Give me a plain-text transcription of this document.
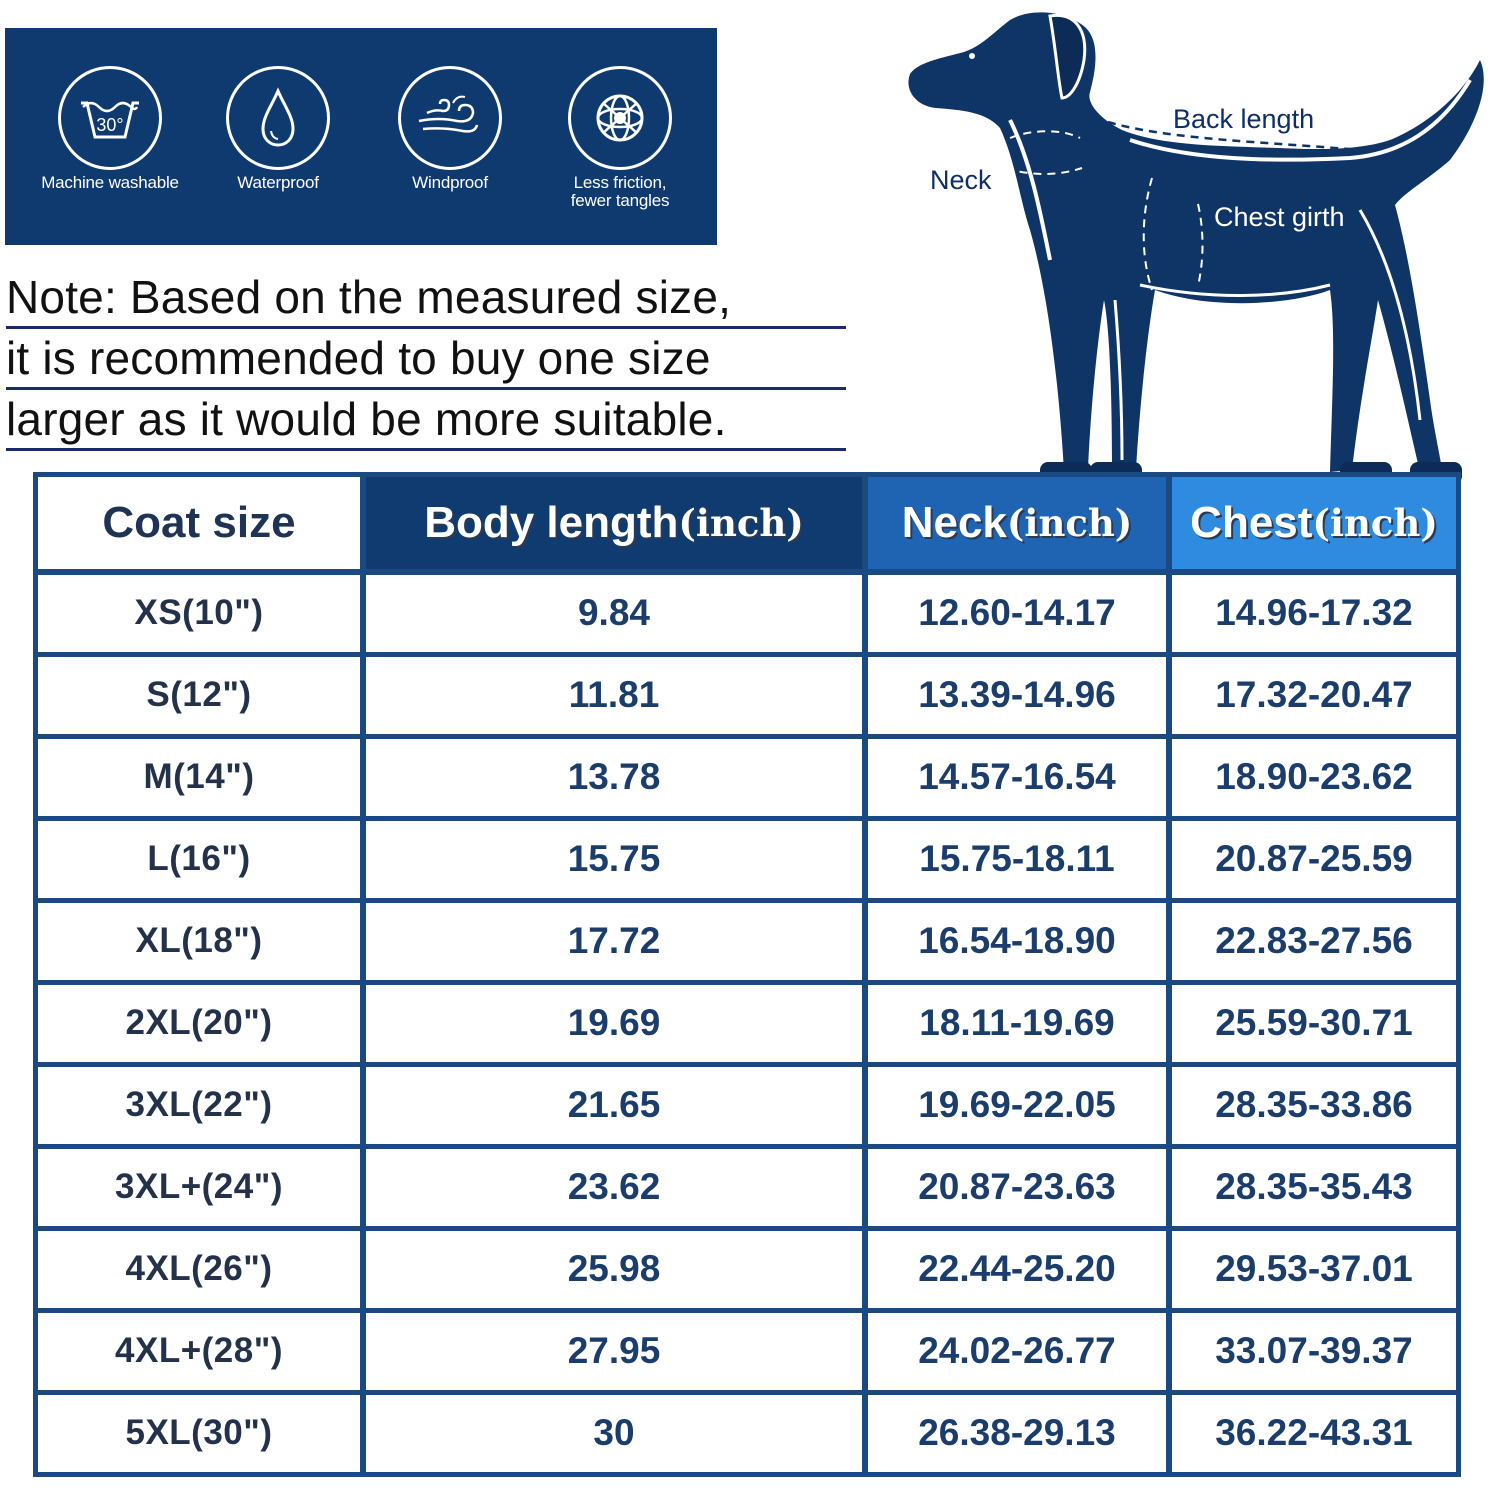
30°
Machine washable	Waterproof	Windproof	Less friction,
fewer tangles
Note: Based on the measured size,
it is recommended to buy one size
larger as it would be more suitable.
Neck
Back length
Chest girth
Coat size	Body length (inch) Neck (inch) Chest (inch)
XS(10")	9.84	12.60-14.17	14.96-17.32
S(12")	11.81	13.39-14.96	17.32-20.47
M(14")	13.78	14.57-16.54	18.90-23.62
L(16")	15.75	15.75-18.11	20.87-25.59
XL(18")	17.72	16.54-18.90	22.83-27.56
2XL(20")	19.69	18.11-19.69	25.59-30.71
3XL(22")	21.65	19.69-22.05	28.35-33.86
3XL+(24")	23.62	20.87-23.63	28.35-35.43
4XL(26")	25.98	22.44-25.20	29.53-37.01
4XL+(28")	27.95	24.02-26.77	33.07-39.37
5XL(30")	30	26.38-29.13	36.22-43.31
